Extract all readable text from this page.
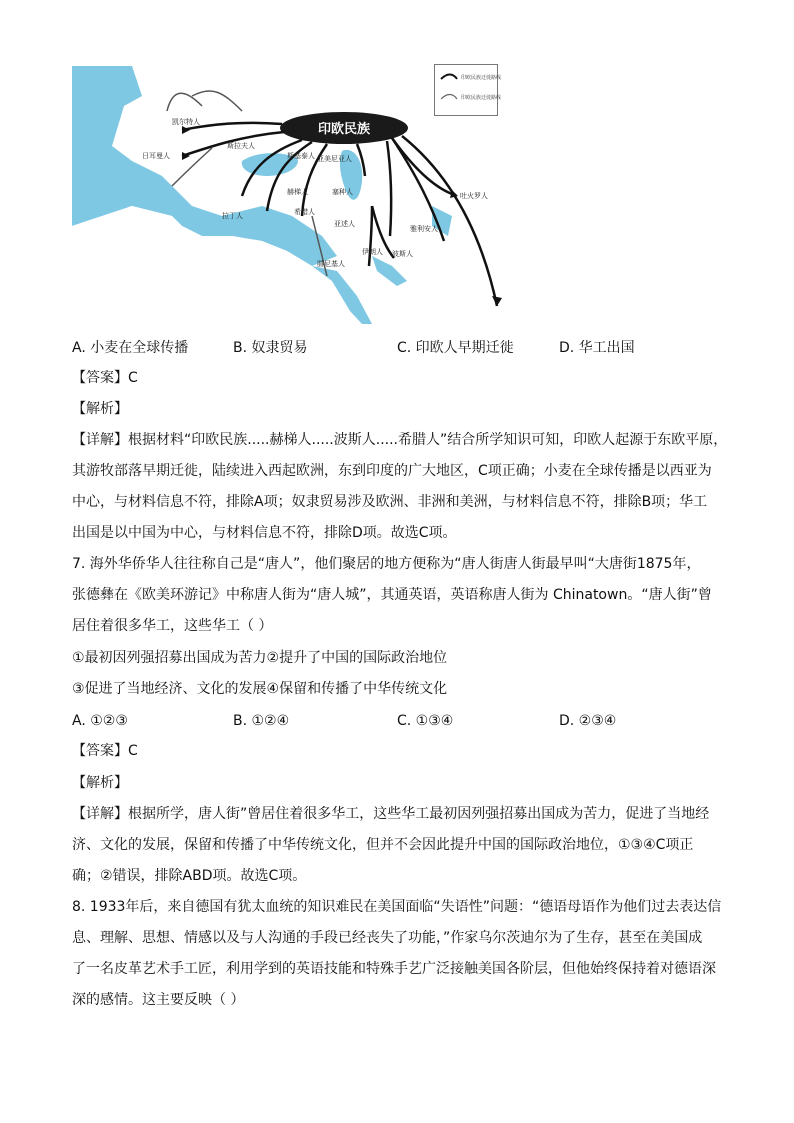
印欧民族
斯拉夫人
日耳曼人
凯尔特人
拉丁人
斯基泰人 亚美尼亚人
赫梯人
希腊人
腓尼基人
吐火罗人
伊朗人 波斯人
雅利安人
塞种人
亚述人
印欧民族迁徙路线
印欧民族迁徙路线
A. 小麦在全球传播	B. 奴隶贸易	C. 印欧人早期迁徙	D. 华工出国
【答案】C
【解析】
【详解】根据材料“印欧民族.....赫梯人.....波斯人.....希腊人”结合所学知识可知，印欧人起源于东欧平原，
其游牧部落早期迁徙，陆续进入西起欧洲，东到印度的广大地区，C项正确；小麦在全球传播是以西亚为
中心，与材料信息不符，排除A项；奴隶贸易涉及欧洲、非洲和美洲，与材料信息不符，排除B项；华工
出国是以中国为中心，与材料信息不符，排除D项。故选C项。
7. 海外华侨华人往往称自己是“唐人”，他们聚居的地方便称为“唐人街唐人街最早叫“大唐街1875年，
张德彝在《欧美环游记》中称唐人街为“唐人城”，其通英语，英语称唐人街为 Chinatown。“唐人街”曾
居住着很多华工，这些华工（ ）
①最初因列强招募出国成为苦力②提升了中国的国际政治地位
③促进了当地经济、文化的发展④保留和传播了中华传统文化
A. ①②③	B. ①②④	C. ①③④	D. ②③④
【答案】C
【解析】
【详解】根据所学，唐人街”曾居住着很多华工，这些华工最初因列强招募出国成为苦力，促进了当地经
济、文化的发展，保留和传播了中华传统文化，但并不会因此提升中国的国际政治地位，①③④C项正
确；②错误，排除ABD项。故选C项。
8. 1933年后，来自德国有犹太血统的知识难民在美国面临“失语性”问题：“德语母语作为他们过去表达信
息、理解、思想、情感以及与人沟通的手段已经丧失了功能，”作家乌尔茨迪尔为了生存，甚至在美国成
了一名皮革艺术手工匠，利用学到的英语技能和特殊手艺广泛接触美国各阶层，但他始终保持着对德语深
深的感情。这主要反映（ ）
